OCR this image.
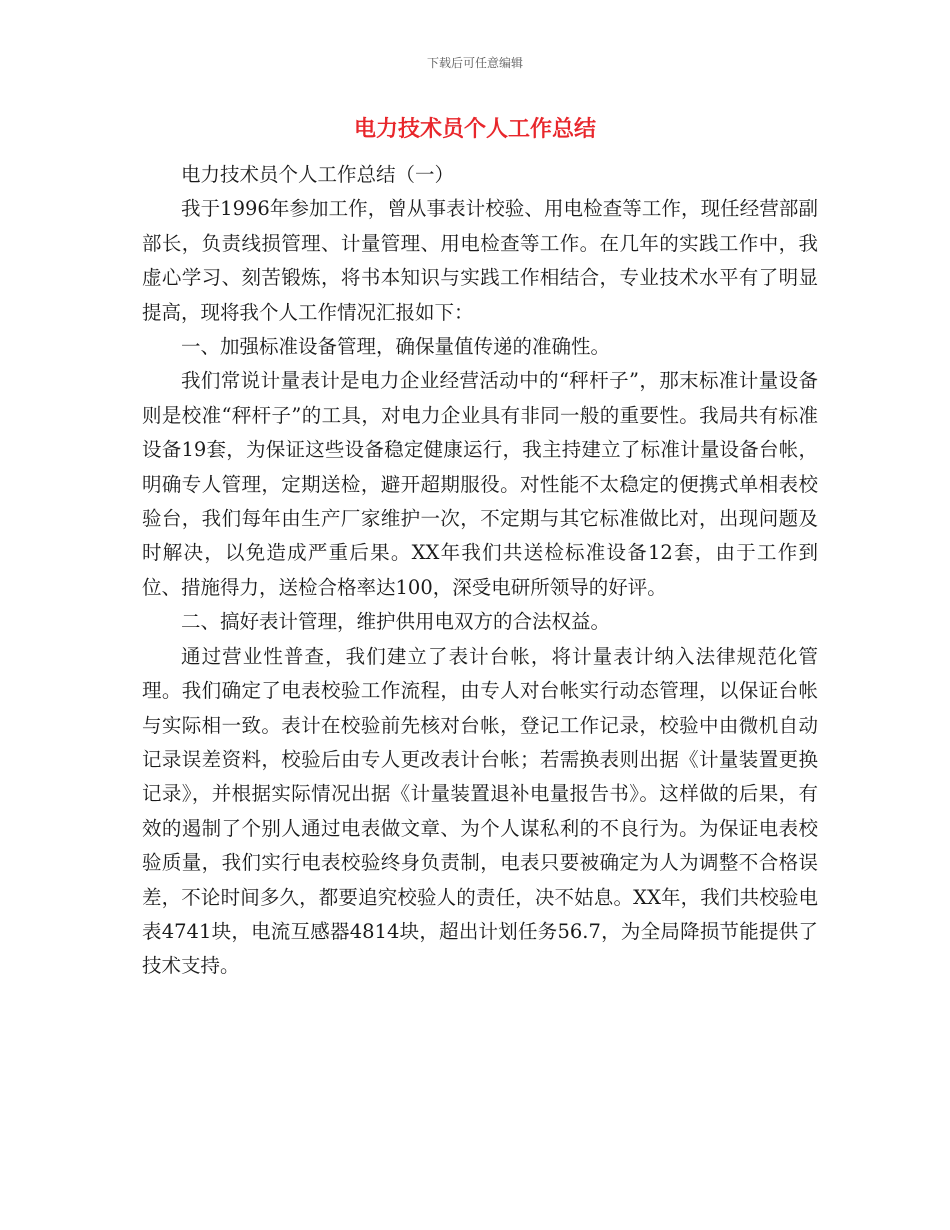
下载后可任意编辑
电力技术员个人工作总结

电力技术员个人工作总结（一）

我于1996年参加工作，曾从事表计校验、用电检查等工作，现任经营部副部长，负责线损管理、计量管理、用电检查等工作。在几年的实践工作中，我虚心学习、刻苦锻炼，将书本知识与实践工作相结合，专业技术水平有了明显提高，现将我个人工作情况汇报如下：

一、加强标准设备管理，确保量值传递的准确性。

我们常说计量表计是电力企业经营活动中的“秤杆子”，那末标准计量设备则是校准“秤杆子”的工具，对电力企业具有非同一般的重要性。我局共有标准设备19套，为保证这些设备稳定健康运行，我主持建立了标准计量设备台帐，明确专人管理，定期送检，避开超期服役。对性能不太稳定的便携式单相表校验台，我们每年由生产厂家维护一次，不定期与其它标准做比对，出现问题及时解决，以免造成严重后果。XX年我们共送检标准设备12套，由于工作到位、措施得力，送检合格率达100，深受电研所领导的好评。

二、搞好表计管理，维护供用电双方的合法权益。

通过营业性普查，我们建立了表计台帐，将计量表计纳入法律规范化管理。我们确定了电表校验工作流程，由专人对台帐实行动态管理，以保证台帐与实际相一致。表计在校验前先核对台帐，登记工作记录，校验中由微机自动记录误差资料，校验后由专人更改表计台帐；若需换表则出据《计量装置更换记录》，并根据实际情况出据《计量装置退补电量报告书》。这样做的后果，有效的遏制了个别人通过电表做文章、为个人谋私利的不良行为。为保证电表校验质量，我们实行电表校验终身负责制，电表只要被确定为人为调整不合格误差，不论时间多久，都要追究校验人的责任，决不姑息。XX年，我们共校验电表4741块，电流互感器4814块，超出计划任务56.7，为全局降损节能提供了技术支持。
